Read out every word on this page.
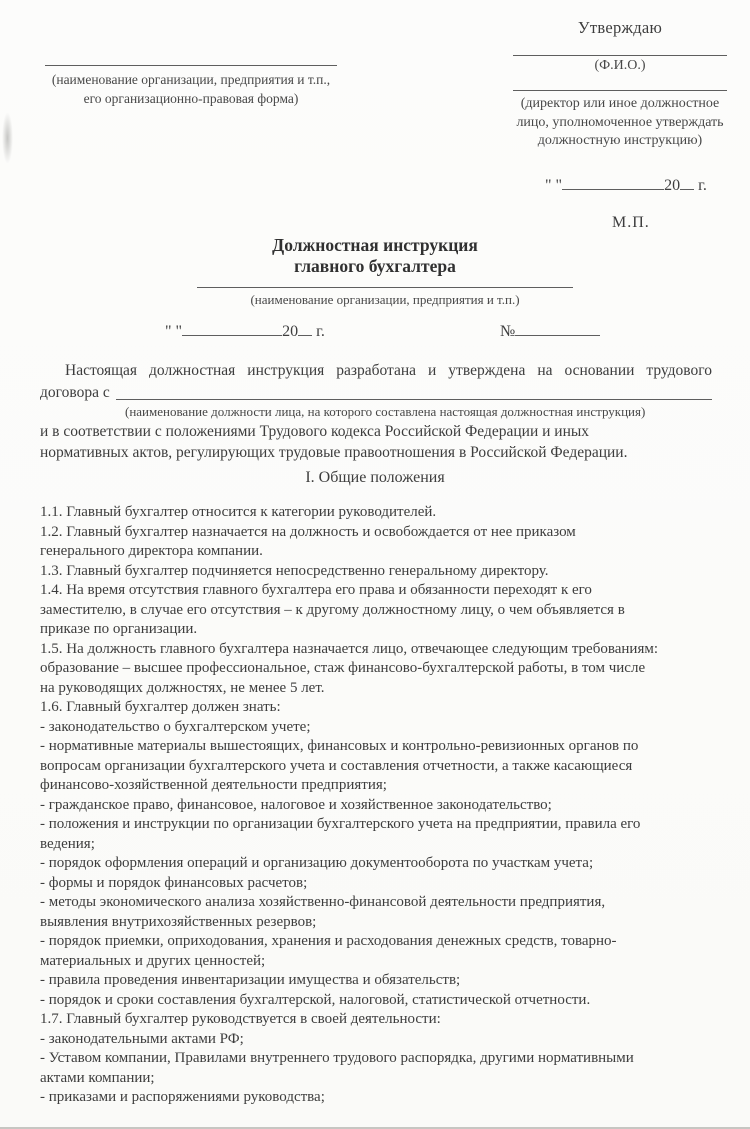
(наименование организации, предприятия и т.п.,
его организационно-правовая форма)
Утверждаю
(Ф.И.О.)
(директор или иное должностное
лицо, уполномоченное утверждать
должностную инструкцию)
" "	20 г.
М.П.
Должностная инструкция
главного бухгалтера
(наименование организации, предприятия и т.п.)
" "	20 г.	№
Настоящая должностная инструкция разработана и утверждена на основании трудового
договора с
(наименование должности лица, на которого составлена настоящая должностная инструкция)
и в соответствии с положениями Трудового кодекса Российской Федерации и иных
нормативных актов, регулирующих трудовые правоотношения в Российской Федерации.
I. Общие положения
1.1. Главный бухгалтер относится к категории руководителей.
1.2. Главный бухгалтер назначается на должность и освобождается от нее приказом
генерального директора компании.
1.3. Главный бухгалтер подчиняется непосредственно генеральному директору.
1.4. На время отсутствия главного бухгалтера его права и обязанности переходят к его
заместителю, в случае его отсутствия – к другому должностному лицу, о чем объявляется в
приказе по организации.
1.5. На должность главного бухгалтера назначается лицо, отвечающее следующим требованиям:
образование – высшее профессиональное, стаж финансово-бухгалтерской работы, в том числе
на руководящих должностях, не менее 5 лет.
1.6. Главный бухгалтер должен знать:
- законодательство о бухгалтерском учете;
- нормативные материалы вышестоящих, финансовых и контрольно-ревизионных органов по
вопросам организации бухгалтерского учета и составления отчетности, а также касающиеся
финансово-хозяйственной деятельности предприятия;
- гражданское право, финансовое, налоговое и хозяйственное законодательство;
- положения и инструкции по организации бухгалтерского учета на предприятии, правила его
ведения;
- порядок оформления операций и организацию документооборота по участкам учета;
- формы и порядок финансовых расчетов;
- методы экономического анализа хозяйственно-финансовой деятельности предприятия,
выявления внутрихозяйственных резервов;
- порядок приемки, оприходования, хранения и расходования денежных средств, товарно-
материальных и других ценностей;
- правила проведения инвентаризации имущества и обязательств;
- порядок и сроки составления бухгалтерской, налоговой, статистической отчетности.
1.7. Главный бухгалтер руководствуется в своей деятельности:
- законодательными актами РФ;
- Уставом компании, Правилами внутреннего трудового распорядка, другими нормативными
актами компании;
- приказами и распоряжениями руководства;
